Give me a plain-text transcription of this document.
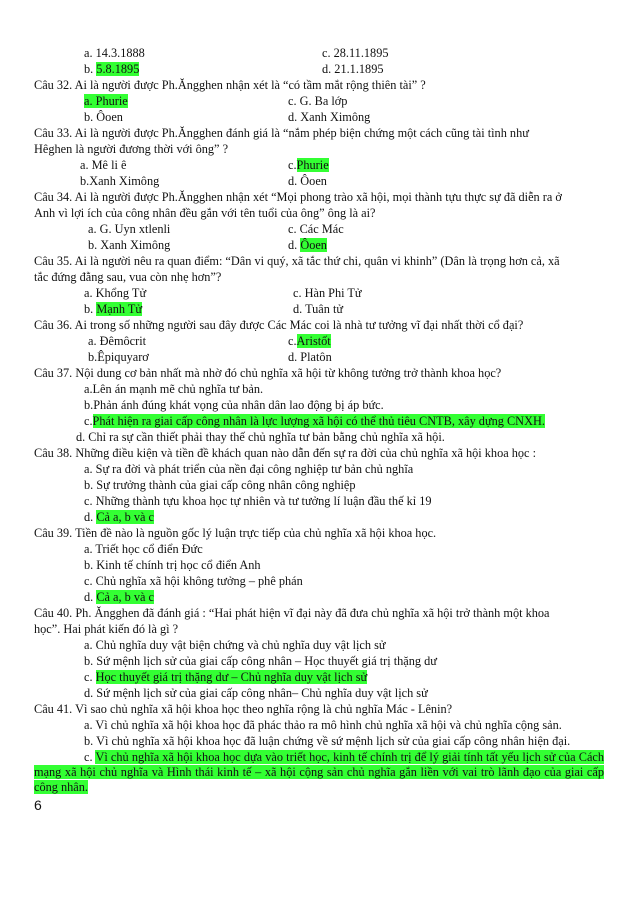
a. 14.3.1888	c. 28.11.1895
b. 5.8.1895	d. 21.1.1895
Câu 32. Ai là người được Ph.Ăngghen nhận xét là “có tầm mắt rộng thiên tài” ?
a. Phurie	c. G. Ba lớp
b. Ôoen	d. Xanh Ximông
Câu 33. Ai là người được Ph.Ăngghen đánh giá là “nắm phép biện chứng một cách cũng tài tình như
Hêghen là người đương thời với ông” ?
a. Mê li ê	c.Phurie
b.Xanh Ximông	d. Ôoen
Câu 34. Ai là người được Ph.Ăngghen nhận xét “Mọi phong trào xã hội, mọi thành tựu thực sự đã diễn ra ở
Anh vì lợi ích của công nhân đều gắn với tên tuổi của ông” ông là ai?
a. G. Uyn xtlenli	c. Các Mác
b. Xanh Ximông	d. Ôoen
Câu 35. Ai là người nêu ra quan điểm: “Dân vi quý, xã tắc thứ chi, quân vi khinh” (Dân là trọng hơn cả, xã
tắc đứng đằng sau, vua còn nhẹ hơn”?
a. Khổng Tử	c. Hàn Phi Tử
b. Mạnh Tử	d. Tuân tử
Câu 36. Ai trong số những người sau đây được Các Mác coi là nhà tư tưởng vĩ đại nhất thời cổ đại?
a. Đêmôcrit	c.Aristốt
b.Êpiquyarơ	d. Platôn
Câu 37. Nội dung cơ bản nhất mà nhờ đó chủ nghĩa xã hội từ không tưởng trở thành khoa học?
a.Lên án mạnh mẽ chủ nghĩa tư bản.
b.Phản ánh đúng khát vọng của nhân dân lao động bị áp bức.
c.Phát hiện ra giai cấp công nhân là lực lượng xã hội có thể thủ tiêu CNTB, xây dựng CNXH.
d. Chỉ ra sự cần thiết phải thay thế chủ nghĩa tư bản bằng chủ nghĩa xã hội.
Câu 38. Những điều kiện và tiền đề khách quan nào dẫn đến sự ra đời của chủ nghĩa xã hội khoa học :
a. Sự ra đời và phát triển của nền đại công nghiệp tư bản chủ nghĩa
b. Sự trưởng thành của giai cấp công nhân công nghiệp
c. Những thành tựu khoa học tự nhiên và tư tưởng lí luận đầu thế kỉ 19
d. Cả a, b và c
Câu 39. Tiền đề nào là nguồn gốc lý luận trực tiếp của chủ nghĩa xã hội khoa học.
a. Triết học cổ điển Đức
b. Kinh tế chính trị học cổ điển Anh
c. Chủ nghĩa xã hội không tưởng – phê phán
d. Cả a, b và c
Câu 40. Ph. Ăngghen đã đánh giá : “Hai phát hiện vĩ đại này đã đưa chủ nghĩa xã hội trở thành một khoa
học”. Hai phát kiến đó là gì ?
a. Chủ nghĩa duy vật biện chứng và chủ nghĩa duy vật lịch sử
b. Sứ mệnh lịch sử của giai cấp công nhân – Học thuyết giá trị thặng dư
c. Học thuyết giá trị thặng dư – Chủ nghĩa duy vật lịch sử
d. Sứ mệnh lịch sử của giai cấp công nhân– Chủ nghĩa duy vật lịch sử
Câu 41. Vì sao chủ nghĩa xã hội khoa học theo nghĩa rộng là chủ nghĩa Mác - Lênin?
a. Vì chủ nghĩa xã hội khoa học đã phác thảo ra mô hình chủ nghĩa xã hội và chủ nghĩa cộng sản.
b. Vì chủ nghĩa xã hội khoa học đã luận chứng về sứ mệnh lịch sử của giai cấp công nhân hiện đại.
c. Vì chủ nghĩa xã hội khoa học dựa vào triết học, kinh tế chính trị để lý giải tính tất yếu lịch sử của Cách mạng xã hội chủ nghĩa và Hình thái kinh tế – xã hội cộng sản chủ nghĩa gắn liền với vai trò lãnh đạo của giai cấp công nhân.
6
